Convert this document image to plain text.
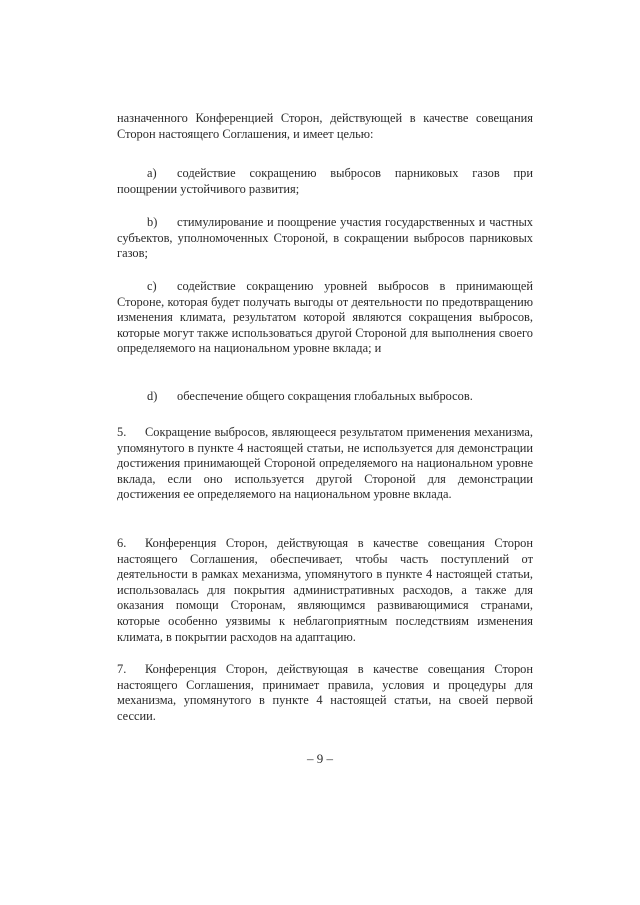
назначенного Конференцией Сторон, действующей в качестве совещания Сторон настоящего Соглашения, и имеет целью:

a) содействие сокращению выбросов парниковых газов при поощрении устойчивого развития;

b) стимулирование и поощрение участия государственных и частных субъектов, уполномоченных Стороной, в сокращении выбросов парниковых газов;

c) содействие сокращению уровней выбросов в принимающей Стороне, которая будет получать выгоды от деятельности по предотвращению изменения климата, результатом которой являются сокращения выбросов, которые могут также использоваться другой Стороной для выполнения своего определяемого на национальном уровне вклада; и

d) обеспечение общего сокращения глобальных выбросов.

5. Сокращение выбросов, являющееся результатом применения механизма, упомянутого в пункте 4 настоящей статьи, не используется для демонстрации достижения принимающей Стороной определяемого на национальном уровне вклада, если оно используется другой Стороной для демонстрации достижения ее определяемого на национальном уровне вклада.

6. Конференция Сторон, действующая в качестве совещания Сторон настоящего Соглашения, обеспечивает, чтобы часть поступлений от деятельности в рамках механизма, упомянутого в пункте 4 настоящей статьи, использовалась для покрытия административных расходов, а также для оказания помощи Сторонам, являющимся развивающимися странами, которые особенно уязвимы к неблагоприятным последствиям изменения климата, в покрытии расходов на адаптацию.

7. Конференция Сторон, действующая в качестве совещания Сторон настоящего Соглашения, принимает правила, условия и процедуры для механизма, упомянутого в пункте 4 настоящей статьи, на своей первой сессии.

– 9 –
